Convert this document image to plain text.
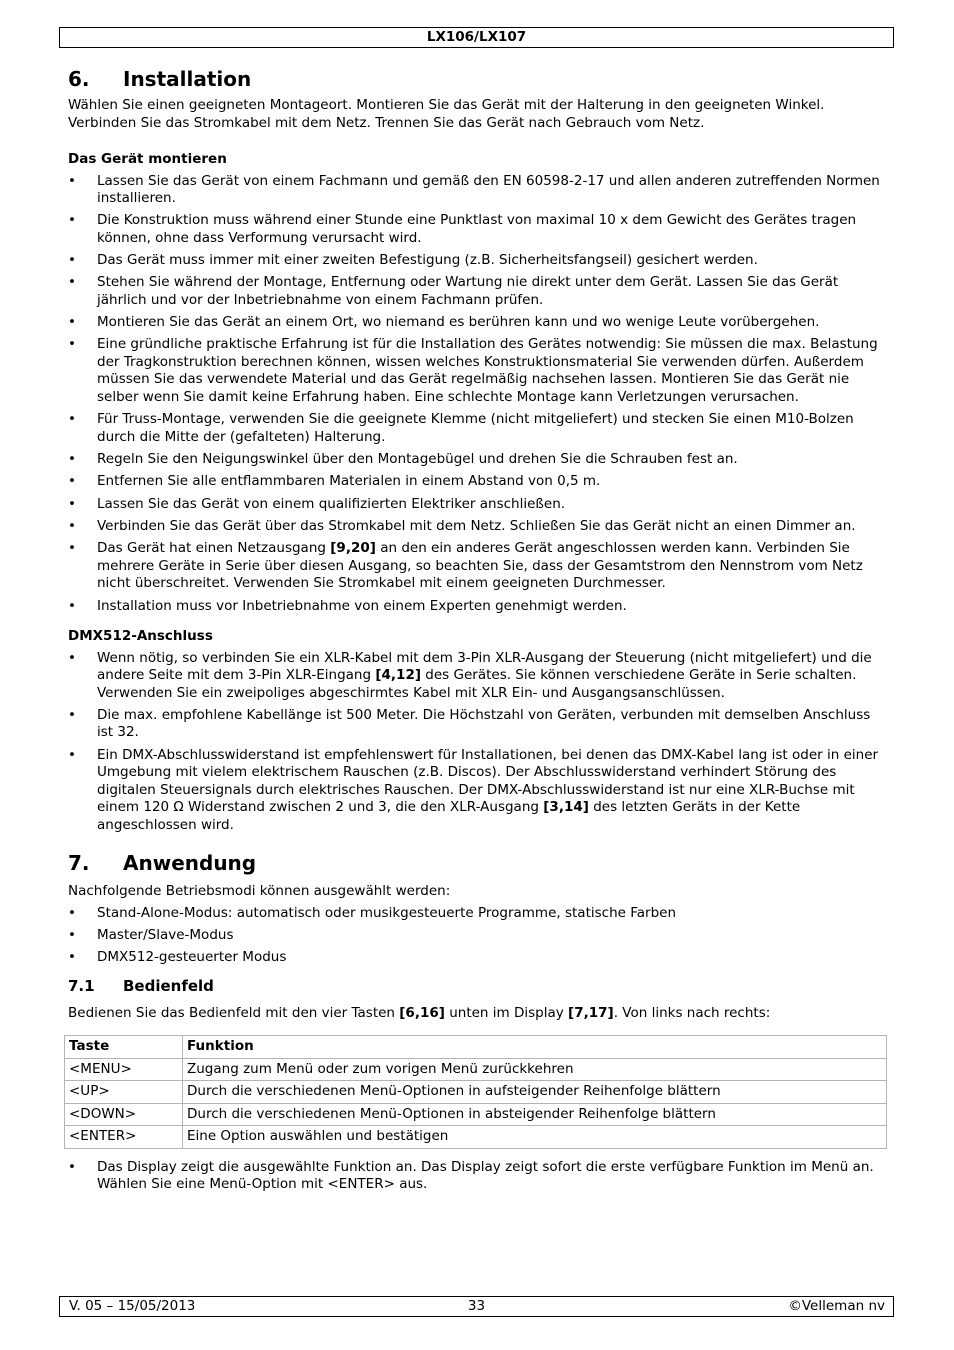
LX106/LX107
6.	Installation

Wählen Sie einen geeigneten Montageort. Montieren Sie das Gerät mit der Halterung in den geeigneten Winkel. Verbinden Sie das Stromkabel mit dem Netz. Trennen Sie das Gerät nach Gebrauch vom Netz.

Das Gerät montieren

• Lassen Sie das Gerät von einem Fachmann und gemäß den EN 60598-2-17 und allen anderen zutreffenden Normen installieren.
• Die Konstruktion muss während einer Stunde eine Punktlast von maximal 10 x dem Gewicht des Gerätes tragen können, ohne dass Verformung verursacht wird.
• Das Gerät muss immer mit einer zweiten Befestigung (z.B. Sicherheitsfangseil) gesichert werden.
• Stehen Sie während der Montage, Entfernung oder Wartung nie direkt unter dem Gerät. Lassen Sie das Gerät jährlich und vor der Inbetriebnahme von einem Fachmann prüfen.
• Montieren Sie das Gerät an einem Ort, wo niemand es berühren kann und wo wenige Leute vorübergehen.
• Eine gründliche praktische Erfahrung ist für die Installation des Gerätes notwendig: Sie müssen die max. Belastung der Tragkonstruktion berechnen können, wissen welches Konstruktionsmaterial Sie verwenden dürfen. Außerdem müssen Sie das verwendete Material und das Gerät regelmäßig nachsehen lassen. Montieren Sie das Gerät nie selber wenn Sie damit keine Erfahrung haben. Eine schlechte Montage kann Verletzungen verursachen.
• Für Truss-Montage, verwenden Sie die geeignete Klemme (nicht mitgeliefert) und stecken Sie einen M10-Bolzen durch die Mitte der (gefalteten) Halterung.
• Regeln Sie den Neigungswinkel über den Montagebügel und drehen Sie die Schrauben fest an.
• Entfernen Sie alle entflammbaren Materialen in einem Abstand von 0,5 m.
• Lassen Sie das Gerät von einem qualifizierten Elektriker anschließen.
• Verbinden Sie das Gerät über das Stromkabel mit dem Netz. Schließen Sie das Gerät nicht an einen Dimmer an.
• Das Gerät hat einen Netzausgang [9,20] an den ein anderes Gerät angeschlossen werden kann. Verbinden Sie mehrere Geräte in Serie über diesen Ausgang, so beachten Sie, dass der Gesamtstrom den Nennstrom vom Netz nicht überschreitet. Verwenden Sie Stromkabel mit einem geeigneten Durchmesser.
• Installation muss vor Inbetriebnahme von einem Experten genehmigt werden.

DMX512-Anschluss

• Wenn nötig, so verbinden Sie ein XLR-Kabel mit dem 3-Pin XLR-Ausgang der Steuerung (nicht mitgeliefert) und die andere Seite mit dem 3-Pin XLR-Eingang [4,12] des Gerätes. Sie können verschiedene Geräte in Serie schalten. Verwenden Sie ein zweipoliges abgeschirmtes Kabel mit XLR Ein- und Ausgangsanschlüssen.
• Die max. empfohlene Kabellänge ist 500 Meter. Die Höchstzahl von Geräten, verbunden mit demselben Anschluss ist 32.
• Ein DMX-Abschlusswiderstand ist empfehlenswert für Installationen, bei denen das DMX-Kabel lang ist oder in einer Umgebung mit vielem elektrischem Rauschen (z.B. Discos). Der Abschlusswiderstand verhindert Störung des digitalen Steuersignals durch elektrisches Rauschen. Der DMX-Abschlusswiderstand ist nur eine XLR-Buchse mit einem 120 Ω Widerstand zwischen 2 und 3, die den XLR-Ausgang [3,14] des letzten Geräts in der Kette angeschlossen wird.
7.	Anwendung

Nachfolgende Betriebsmodi können ausgewählt werden:

• Stand-Alone-Modus: automatisch oder musikgesteuerte Programme, statische Farben
• Master/Slave-Modus
• DMX512-gesteuerter Modus
7.1	Bedienfeld

Bedienen Sie das Bedienfeld mit den vier Tasten [6,16] unten im Display [7,17]. Von links nach rechts:

Taste	Funktion
<MENU>	Zugang zum Menü oder zum vorigen Menü zurückkehren
<UP>	Durch die verschiedenen Menü-Optionen in aufsteigender Reihenfolge blättern
<DOWN>	Durch die verschiedenen Menü-Optionen in absteigender Reihenfolge blättern
<ENTER>	Eine Option auswählen und bestätigen
• Das Display zeigt die ausgewählte Funktion an. Das Display zeigt sofort die erste verfügbare Funktion im Menü an. Wählen Sie eine Menü-Option mit <ENTER> aus.
V. 05 – 15/05/2013	33	©Velleman nv
